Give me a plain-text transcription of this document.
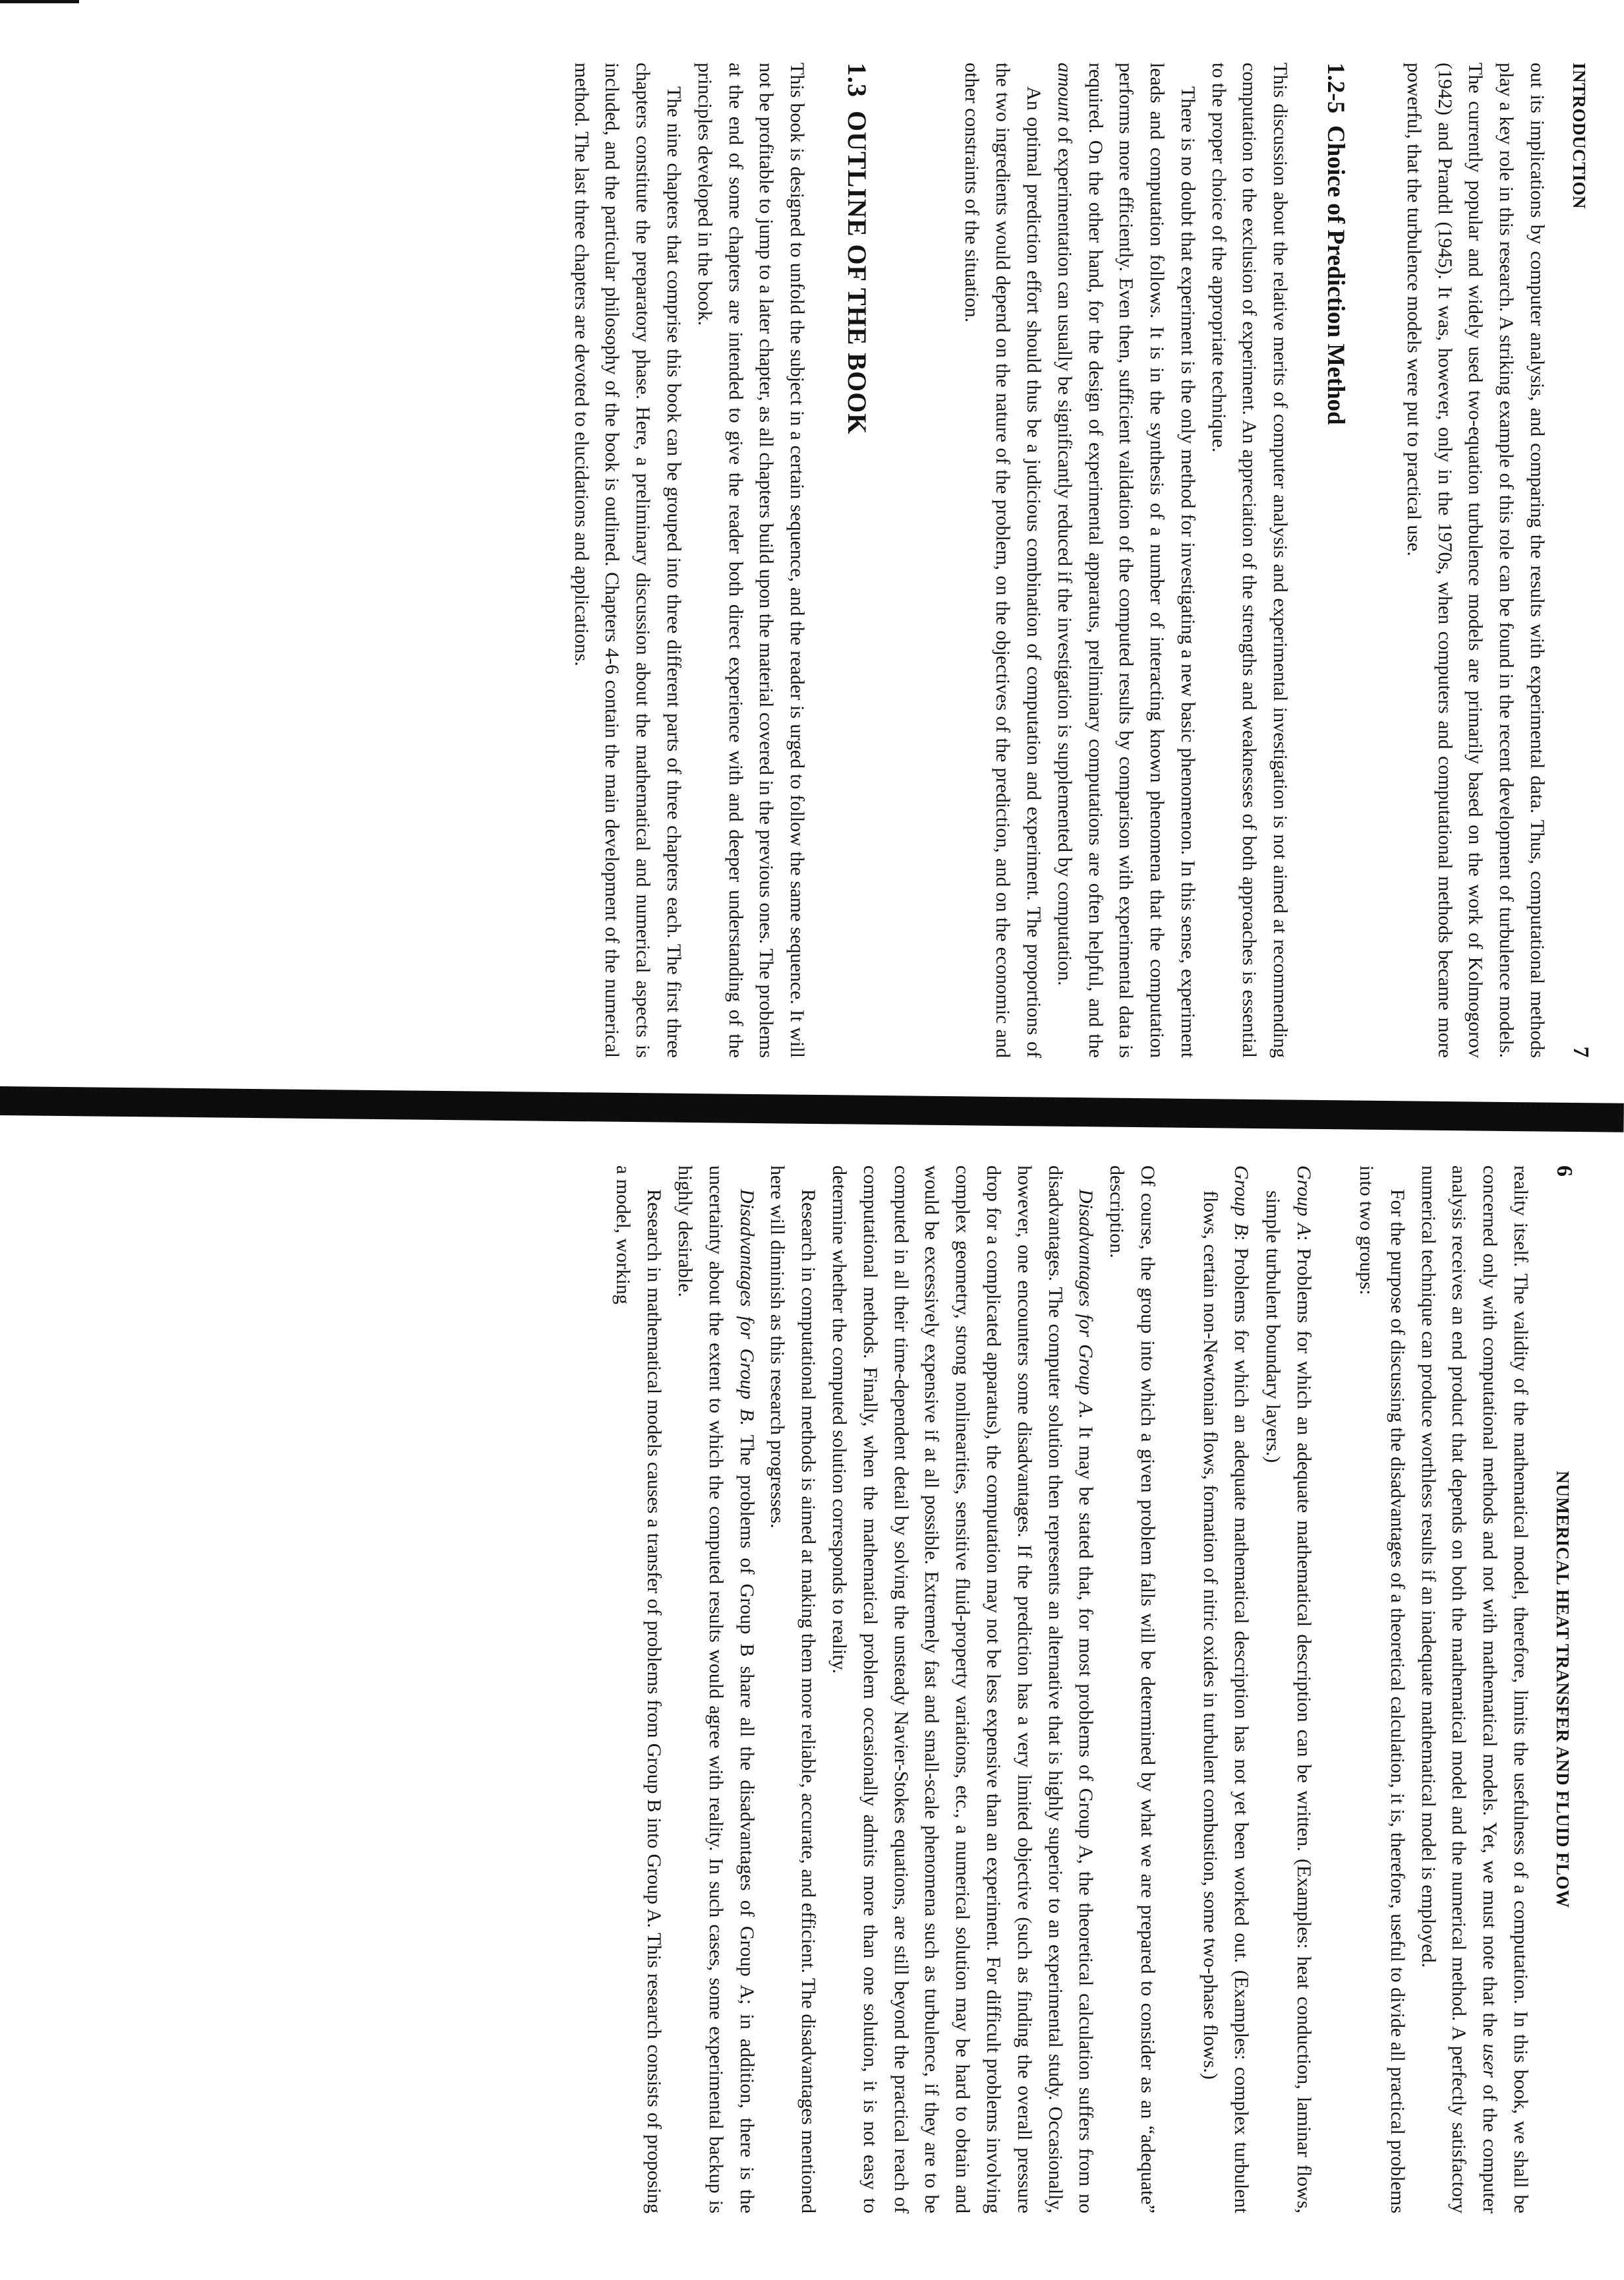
INTRODUCTION
7

out its implications by computer analysis, and comparing the results with experimental data. Thus, computational methods play a key role in this research. A striking example of this role can be found in the recent development of turbulence models. The currently popular and widely used two-equation turbulence models are primarily based on the work of Kolmogorov (1942) and Prandtl (1945). It was, however, only in the 1970s, when computers and computational methods became more powerful, that the turbulence models were put to practical use.

1.2-5Choice of Prediction Method

This discussion about the relative merits of computer analysis and experimental investigation is not aimed at recommending computation to the exclusion of experiment. An appreciation of the strengths and weaknesses of both approaches is essential to the proper choice of the appropriate technique.

There is no doubt that experiment is the only method for investigating a new basic phenomenon. In this sense, experiment leads and computation follows. It is in the synthesis of a number of interacting known phenomena that the computation performs more efficiently. Even then, sufficient validation of the computed results by comparison with experimental data is required. On the other hand, for the design of experimental apparatus, preliminary computations are often helpful, and the amount of experimentation can usually be significantly reduced if the investigation is supplemented by computation.

An optimal prediction effort should thus be a judicious combination of computation and experiment. The proportions of the two ingredients would depend on the nature of the problem, on the objectives of the prediction, and on the economic and other constraints of the situation.

1.3OUTLINE OF THE BOOK

This book is designed to unfold the subject in a certain sequence, and the reader is urged to follow the same sequence. It will not be profitable to jump to a later chapter, as all chapters build upon the material covered in the previous ones. The problems at the end of some chapters are intended to give the reader both direct experience with and deeper understanding of the principles developed in the book.

The nine chapters that comprise this book can be grouped into three different parts of three chapters each. The first three chapters constitute the preparatory phase. Here, a preliminary discussion about the mathematical and numerical aspects is included, and the particular philosophy of the book is outlined. Chapters 4-6 contain the main development of the numerical method. The last three chapters are devoted to elucidations and applications.

6
NUMERICAL HEAT TRANSFER AND FLUID FLOW

reality itself. The validity of the mathematical model, therefore, limits the usefulness of a computation. In this book, we shall be concerned only with computational methods and not with mathematical models. Yet, we must note that the user of the computer analysis receives an end product that depends on both the mathematical model and the numerical method. A perfectly satisfactory numerical technique can produce worthless results if an inadequate mathematical model is employed.

For the purpose of discussing the disadvantages of a theoretical calculation, it is, therefore, useful to divide all practical problems into two groups:

Group A: Problems for which an adequate mathematical description can be written. (Examples: heat conduction, laminar flows, simple turbulent boundary layers.)
Group B: Problems for which an adequate mathematical description has not yet been worked out. (Examples: complex turbulent flows, certain non-Newtonian flows, formation of nitric oxides in turbulent combustion, some two-phase flows.)

Of course, the group into which a given problem falls will be determined by what we are prepared to consider as an “adequate” description.

Disadvantages for Group A. It may be stated that, for most problems of Group A, the theoretical calculation suffers from no disadvantages. The computer solution then represents an alternative that is highly superior to an experimental study. Occasionally, however, one encounters some disadvantages. If the prediction has a very limited objective (such as finding the overall pressure drop for a complicated apparatus), the computation may not be less expensive than an experiment. For difficult problems involving complex geometry, strong nonlinearities, sensitive fluid-property variations, etc., a numerical solution may be hard to obtain and would be excessively expensive if at all possible. Extremely fast and small-scale phenomena such as turbulence, if they are to be computed in all their time-dependent detail by solving the unsteady Navier-Stokes equations, are still beyond the practical reach of computational methods. Finally, when the mathematical problem occasionally admits more than one solution, it is not easy to determine whether the computed solution corresponds to reality.

Research in computational methods is aimed at making them more reliable, accurate, and efficient. The disadvantages mentioned here will diminish as this research progresses.

Disadvantages for Group B. The problems of Group B share all the disadvantages of Group A; in addition, there is the uncertainty about the extent to which the computed results would agree with reality. In such cases, some experimental backup is highly desirable.

Research in mathematical models causes a transfer of problems from Group B into Group A. This research consists of proposing a model, working
